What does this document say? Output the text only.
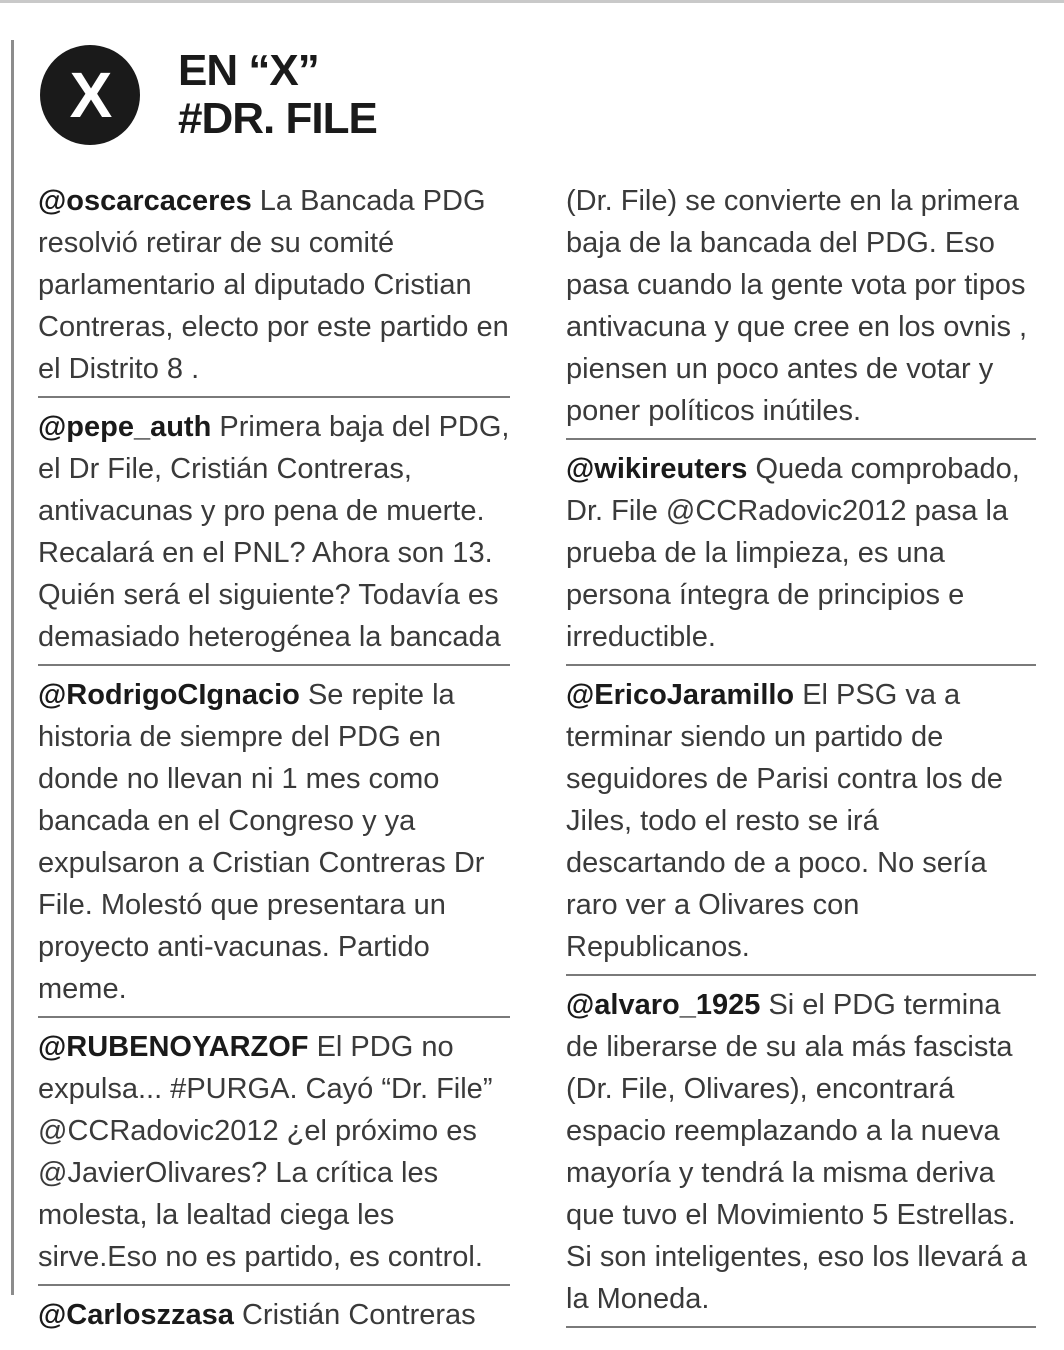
X	EN “X”
#DR. FILE
@oscarcaceres La Bancada PDG resolvió retirar de su comité parlamentario al diputado Cristian Contreras, electo por este partido en el Distrito 8 .
@pepe_auth Primera baja del PDG, el Dr File, Cristián Contreras, antivacunas y pro pena de muerte. Recalará en el PNL? Ahora son 13. Quién será el siguiente? Todavía es demasiado heterogénea la bancada
@RodrigoCIgnacio Se repite la historia de siempre del PDG en donde no llevan ni 1 mes como bancada en el Congreso y ya expulsaron a Cristian Contreras Dr File. Molestó que presentara un proyecto anti-vacunas. Partido meme.
@RUBENOYARZOF El PDG no expulsa... #PURGA. Cayó “Dr. File” @CCRadovic2012 ¿el próximo es @JavierOlivares? La crítica les molesta, la lealtad ciega les sirve.Eso no es partido, es control.
@Carloszzasa Cristián Contreras
(Dr. File) se convierte en la primera baja de la bancada del PDG. Eso pasa cuando la gente vota por tipos antivacuna y que cree en los ovnis , piensen un poco antes de votar y poner políticos inútiles.
@wikireuters Queda comprobado, Dr. File @CCRadovic2012 pasa la prueba de la limpieza, es una persona íntegra de principios e irreductible.
@EricoJaramillo El PSG va a terminar siendo un partido de seguidores de Parisi contra los de Jiles, todo el resto se irá descartando de a poco. No sería raro ver a Olivares con Republicanos.
@alvaro_1925 Si el PDG termina de liberarse de su ala más fascista (Dr. File, Olivares), encontrará espacio reemplazando a la nueva mayoría y tendrá la misma deriva que tuvo el Movimiento 5 Estrellas. Si son inteligentes, eso los llevará a la Moneda.
